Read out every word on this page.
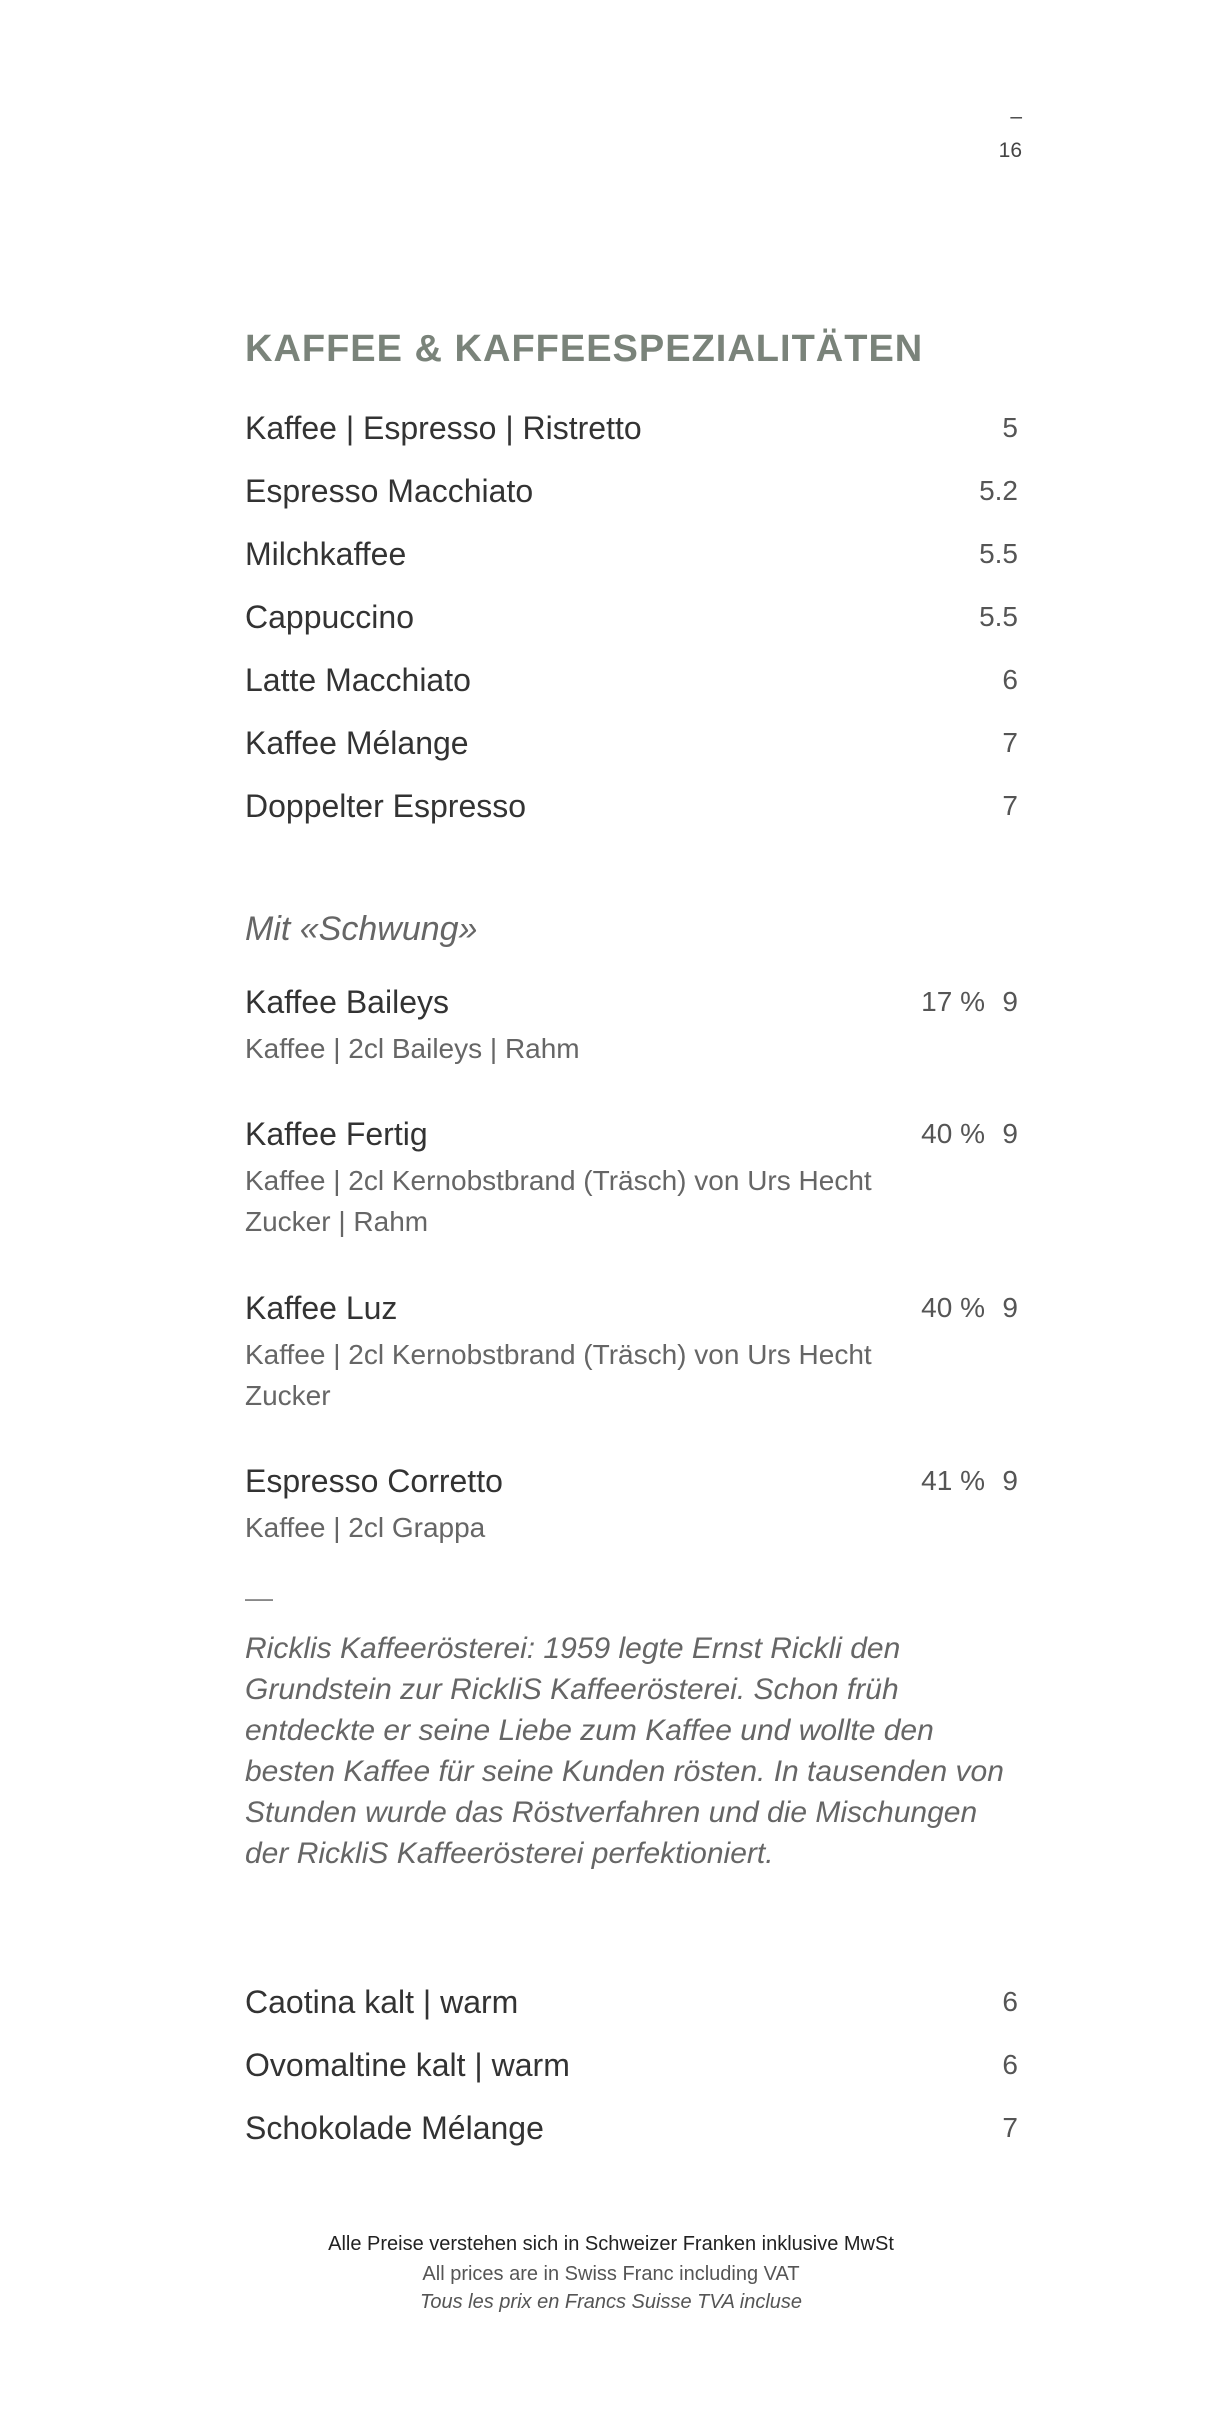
–
16
KAFFEE & KAFFEESPEZIALITÄTEN
Kaffee | Espresso | Ristretto	5
Espresso Macchiato	5.2
Milchkaffee	5.5
Cappuccino	5.5
Latte Macchiato	6
Kaffee Mélange	7
Doppelter Espresso	7
Mit «Schwung»
Kaffee Baileys	17 % 9
Kaffee | 2cl Baileys | Rahm
Kaffee Fertig	40 % 9
Kaffee | 2cl Kernobstbrand (Träsch) von Urs Hecht
Zucker | Rahm
Kaffee Luz	40 % 9
Kaffee | 2cl Kernobstbrand (Träsch) von Urs Hecht
Zucker
Espresso Corretto	41 % 9
Kaffee | 2cl Grappa
—
Ricklis Kaffeerösterei: 1959 legte Ernst Rickli den Grundstein zur RickliS Kaffeerösterei. Schon früh entdeckte er seine Liebe zum Kaffee und wollte den besten Kaffee für seine Kunden rösten. In tausenden von Stunden wurde das Röstverfahren und die Mischungen der RickliS Kaffeerösterei perfektioniert.
Caotina kalt | warm	6
Ovomaltine kalt | warm	6
Schokolade Mélange	7
Alle Preise verstehen sich in Schweizer Franken inklusive MwSt
All prices are in Swiss Franc including VAT
Tous les prix en Francs Suisse TVA incluse
